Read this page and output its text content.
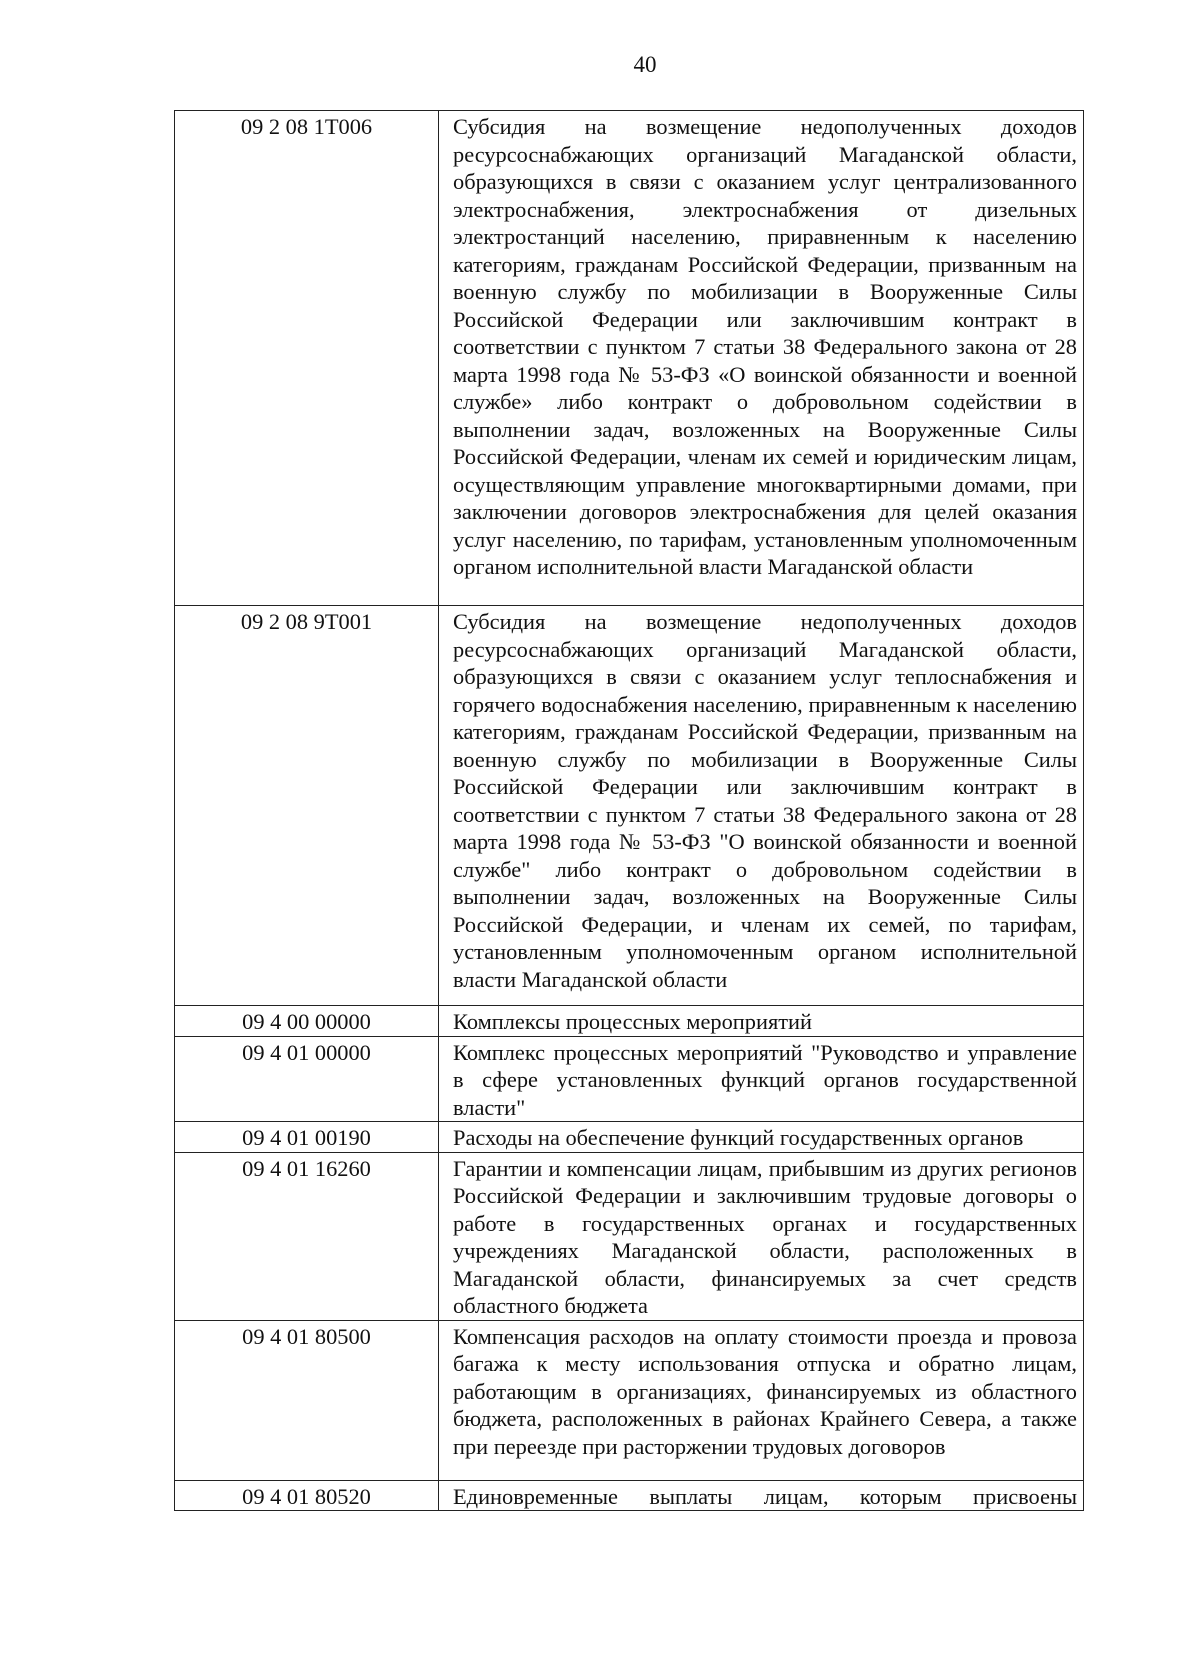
40
09 2 08 1T006	Субсидия на возмещение недополученных доходов ресурсоснабжающих организаций Магаданской области, образующихся в связи с оказанием услуг централизованного электроснабжения, электроснабжения от дизельных электростанций населению, приравненным к населению категориям, гражданам Российской Федерации, призванным на военную службу по мобилизации в Вооруженные Силы Российской Федерации или заключившим контракт в соответствии с пунктом 7 статьи 38 Федерального закона от 28 марта 1998 года № 53-ФЗ «О воинской обязанности и военной службе» либо контракт о добровольном содействии в выполнении задач, возложенных на Вооруженные Силы Российской Федерации, членам их семей и юридическим лицам, осуществляющим управление многоквартирными домами, при заключении договоров электроснабжения для целей оказания услуг населению, по тарифам, установленным уполномоченным органом исполнительной власти Магаданской области
09 2 08 9T001	Субсидия на возмещение недополученных доходов ресурсоснабжающих организаций Магаданской области, образующихся в связи с оказанием услуг теплоснабжения и горячего водоснабжения населению, приравненным к населению категориям, гражданам Российской Федерации, призванным на военную службу по мобилизации в Вооруженные Силы Российской Федерации или заключившим контракт в соответствии с пунктом 7 статьи 38 Федерального закона от 28 марта 1998 года № 53-ФЗ "О воинской обязанности и военной службе" либо контракт о добровольном содействии в выполнении задач, возложенных на Вооруженные Силы Российской Федерации, и членам их семей, по тарифам, установленным уполномоченным органом исполнительной власти Магаданской области
09 4 00 00000	Комплексы процессных мероприятий
09 4 01 00000	Комплекс процессных мероприятий "Руководство и управление в сфере установленных функций органов государственной власти"
09 4 01 00190	Расходы на обеспечение функций государственных органов
09 4 01 16260	Гарантии и компенсации лицам, прибывшим из других регионов Российской Федерации и заключившим трудовые договоры о работе в государственных органах и государственных учреждениях Магаданской области, расположенных в Магаданской области, финансируемых за счет средств областного бюджета
09 4 01 80500	Компенсация расходов на оплату стоимости проезда и провоза багажа к месту использования отпуска и обратно лицам, работающим в организациях, финансируемых из областного бюджета, расположенных в районах Крайнего Севера, а также при переезде при расторжении трудовых договоров
09 4 01 80520	Единовременные выплаты лицам, которым присвоены
